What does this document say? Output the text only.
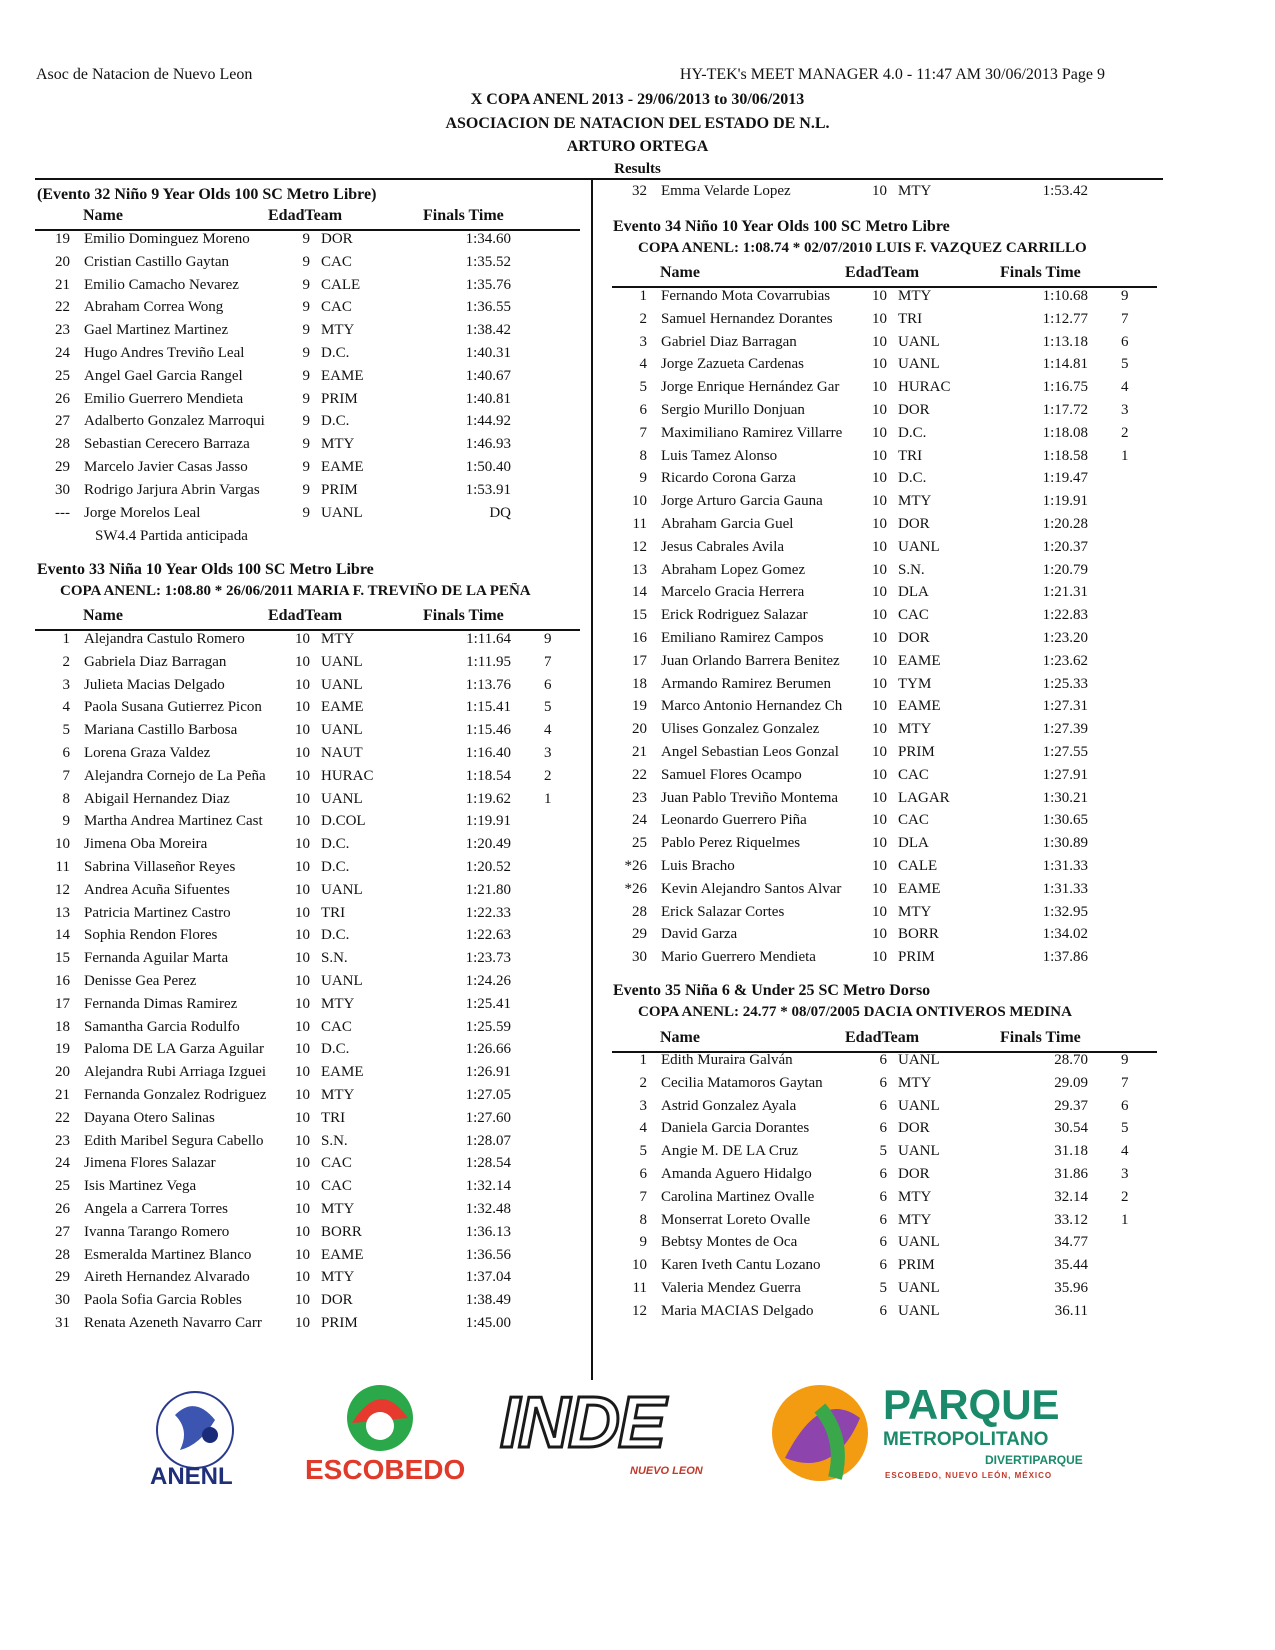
Asoc de Natacion de Nuevo Leon	HY-TEK's MEET MANAGER 4.0 - 11:47 AM 30/06/2013 Page 9
X COPA ANENL 2013 - 29/06/2013 to 30/06/2013
ASOCIACION DE NATACION DEL ESTADO DE N.L.
ARTURO ORTEGA
Results
(Evento 32 Niño 9 Year Olds 100 SC Metro Libre)
Name	EdadTeam	Finals Time
19 Emilio Dominguez Moreno	9 DOR	1:34.60
20 Cristian Castillo Gaytan	9 CAC	1:35.52
21 Emilio Camacho Nevarez	9 CALE	1:35.76
22 Abraham Correa Wong	9 CAC	1:36.55
23 Gael Martinez Martinez	9 MTY	1:38.42
24 Hugo Andres Treviño Leal	9 D.C.	1:40.31
25 Angel Gael Garcia Rangel	9 EAME	1:40.67
26 Emilio Guerrero Mendieta	9 PRIM	1:40.81
27 Adalberto Gonzalez Marroqui	9 D.C.	1:44.92
28 Sebastian Cerecero Barraza	9 MTY	1:46.93
29 Marcelo Javier Casas Jasso	9 EAME	1:50.40
30 Rodrigo Jarjura Abrin Vargas	9 PRIM	1:53.91
--- Jorge Morelos Leal	9 UANL	DQ
SW4.4 Partida anticipada
Evento 33 Niña 10 Year Olds 100 SC Metro Libre
COPA ANENL: 1:08.80 * 26/06/2011 MARIA F. TREVIÑO DE LA PEÑA
Name	EdadTeam	Finals Time
1 Alejandra Castulo Romero	10 MTY	1:11.64 9
2 Gabriela Diaz Barragan	10 UANL	1:11.95 7
3 Julieta Macias Delgado	10 UANL	1:13.76 6
4 Paola Susana Gutierrez Picon	10 EAME	1:15.41 5
5 Mariana Castillo Barbosa	10 UANL	1:15.46 4
6 Lorena Graza Valdez	10 NAUT	1:16.40 3
7 Alejandra Cornejo de La Peña	10 HURAC	1:18.54 2
8 Abigail Hernandez Diaz	10 UANL	1:19.62 1
9 Martha Andrea Martinez Cast	10 D.COL	1:19.91
10 Jimena Oba Moreira	10 D.C.	1:20.49
11 Sabrina Villaseñor Reyes	10 D.C.	1:20.52
12 Andrea Acuña Sifuentes	10 UANL	1:21.80
13 Patricia Martinez Castro	10 TRI	1:22.33
14 Sophia Rendon Flores	10 D.C.	1:22.63
15 Fernanda Aguilar Marta	10 S.N.	1:23.73
16 Denisse Gea Perez	10 UANL	1:24.26
17 Fernanda Dimas Ramirez	10 MTY	1:25.41
18 Samantha Garcia Rodulfo	10 CAC	1:25.59
19 Paloma DE LA Garza Aguilar	10 D.C.	1:26.66
20 Alejandra Rubi Arriaga Izguei	10 EAME	1:26.91
21 Fernanda Gonzalez Rodriguez	10 MTY	1:27.05
22 Dayana Otero Salinas	10 TRI	1:27.60
23 Edith Maribel Segura Cabello	10 S.N.	1:28.07
24 Jimena Flores Salazar	10 CAC	1:28.54
25 Isis Martinez Vega	10 CAC	1:32.14
26 Angela a Carrera Torres	10 MTY	1:32.48
27 Ivanna Tarango Romero	10 BORR	1:36.13
28 Esmeralda Martinez Blanco	10 EAME	1:36.56
29 Aireth Hernandez Alvarado	10 MTY	1:37.04
30 Paola Sofia Garcia Robles	10 DOR	1:38.49
31 Renata Azeneth Navarro Carr	10 PRIM	1:45.00
32 Emma Velarde Lopez	10 MTY	1:53.42
Evento 34 Niño 10 Year Olds 100 SC Metro Libre
COPA ANENL: 1:08.74 * 02/07/2010 LUIS F. VAZQUEZ CARRILLO
Name	EdadTeam	Finals Time
1 Fernando Mota Covarrubias	10 MTY	1:10.68 9
2 Samuel Hernandez Dorantes	10 TRI	1:12.77 7
3 Gabriel Diaz Barragan	10 UANL	1:13.18 6
4 Jorge Zazueta Cardenas	10 UANL	1:14.81 5
5 Jorge Enrique Hernández Gar	10 HURAC	1:16.75 4
6 Sergio Murillo Donjuan	10 DOR	1:17.72 3
7 Maximiliano Ramirez Villarre	10 D.C.	1:18.08 2
8 Luis Tamez Alonso	10 TRI	1:18.58 1
9 Ricardo Corona Garza	10 D.C.	1:19.47
10 Jorge Arturo Garcia Gauna	10 MTY	1:19.91
11 Abraham Garcia Guel	10 DOR	1:20.28
12 Jesus Cabrales Avila	10 UANL	1:20.37
13 Abraham Lopez Gomez	10 S.N.	1:20.79
14 Marcelo Gracia Herrera	10 DLA	1:21.31
15 Erick Rodriguez Salazar	10 CAC	1:22.83
16 Emiliano Ramirez Campos	10 DOR	1:23.20
17 Juan Orlando Barrera Benitez	10 EAME	1:23.62
18 Armando Ramirez Berumen	10 TYM	1:25.33
19 Marco Antonio Hernandez Ch	10 EAME	1:27.31
20 Ulises Gonzalez Gonzalez	10 MTY	1:27.39
21 Angel Sebastian Leos Gonzal	10 PRIM	1:27.55
22 Samuel Flores Ocampo	10 CAC	1:27.91
23 Juan Pablo Treviño Montema	10 LAGAR	1:30.21
24 Leonardo Guerrero Piña	10 CAC	1:30.65
25 Pablo Perez Riquelmes	10 DLA	1:30.89
*26 Luis Bracho	10 CALE	1:31.33
*26 Kevin Alejandro Santos Alvar	10 EAME	1:31.33
28 Erick Salazar Cortes	10 MTY	1:32.95
29 David Garza	10 BORR	1:34.02
30 Mario Guerrero Mendieta	10 PRIM	1:37.86
Evento 35 Niña 6 & Under 25 SC Metro Dorso
COPA ANENL: 24.77 * 08/07/2005 DACIA ONTIVEROS MEDINA
Name	EdadTeam	Finals Time
1 Edith Muraira Galván	6 UANL	28.70 9
2 Cecilia Matamoros Gaytan	6 MTY	29.09 7
3 Astrid Gonzalez Ayala	6 UANL	29.37 6
4 Daniela Garcia Dorantes	6 DOR	30.54 5
5 Angie M. DE LA Cruz	5 UANL	31.18 4
6 Amanda Aguero Hidalgo	6 DOR	31.86 3
7 Carolina Martinez Ovalle	6 MTY	32.14 2
8 Monserrat Loreto Ovalle	6 MTY	33.12 1
9 Bebtsy Montes de Oca	6 UANL	34.77
10 Karen Iveth Cantu Lozano	6 PRIM	35.44
11 Valeria Mendez Guerra	5 UANL	35.96
12 Maria MACIAS Delgado	6 UANL	36.11
ANENL	ESCOBEDO
INDE
NUEVO LEON
PARQUE
METROPOLITANO
DIVERTIPARQUE
ESCOBEDO, NUEVO LEÓN, MÉXICO
